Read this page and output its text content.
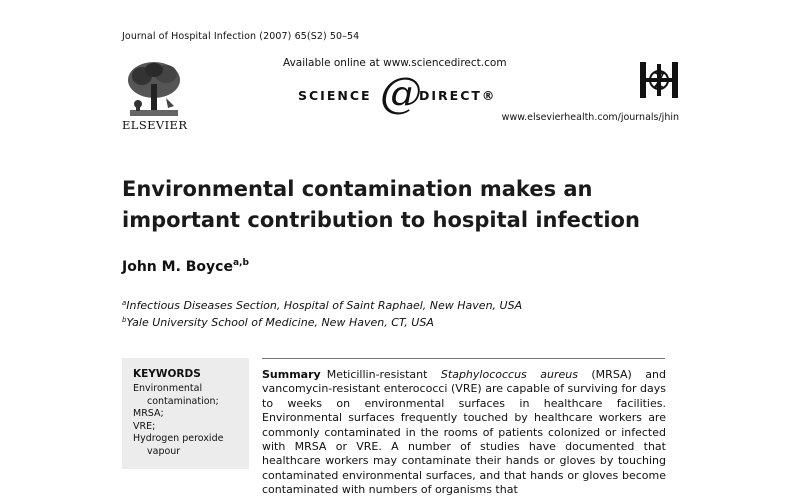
Journal of Hospital Infection (2007) 65(S2) 50–54
ELSEVIER
Available online at www.sciencedirect.com
SCIENCE @
DIRECT®
www.elsevierhealth.com/journals/jhin
Environmental contamination makes an important contribution to hospital infection
John M. Boyce$^{a,b}$
$^a$Infectious Diseases Section, Hospital of Saint Raphael, New Haven, USA
$^b$Yale University School of Medicine, New Haven, CT, USA
KEYWORDS
Environmental contamination;
MRSA;
VRE;
Hydrogen peroxide vapour

Summary Meticillin-resistant Staphylococcus aureus (MRSA) and vancomycin-resistant enterococci (VRE) are capable of surviving for days to weeks on environmental surfaces in healthcare facilities. Environmental surfaces frequently touched by healthcare workers are commonly contaminated in the rooms of patients colonized or infected with MRSA or VRE. A number of studies have documented that healthcare workers may contaminate their hands or gloves by touching contaminated environmental surfaces, and that hands or gloves become contaminated with numbers of organisms that
